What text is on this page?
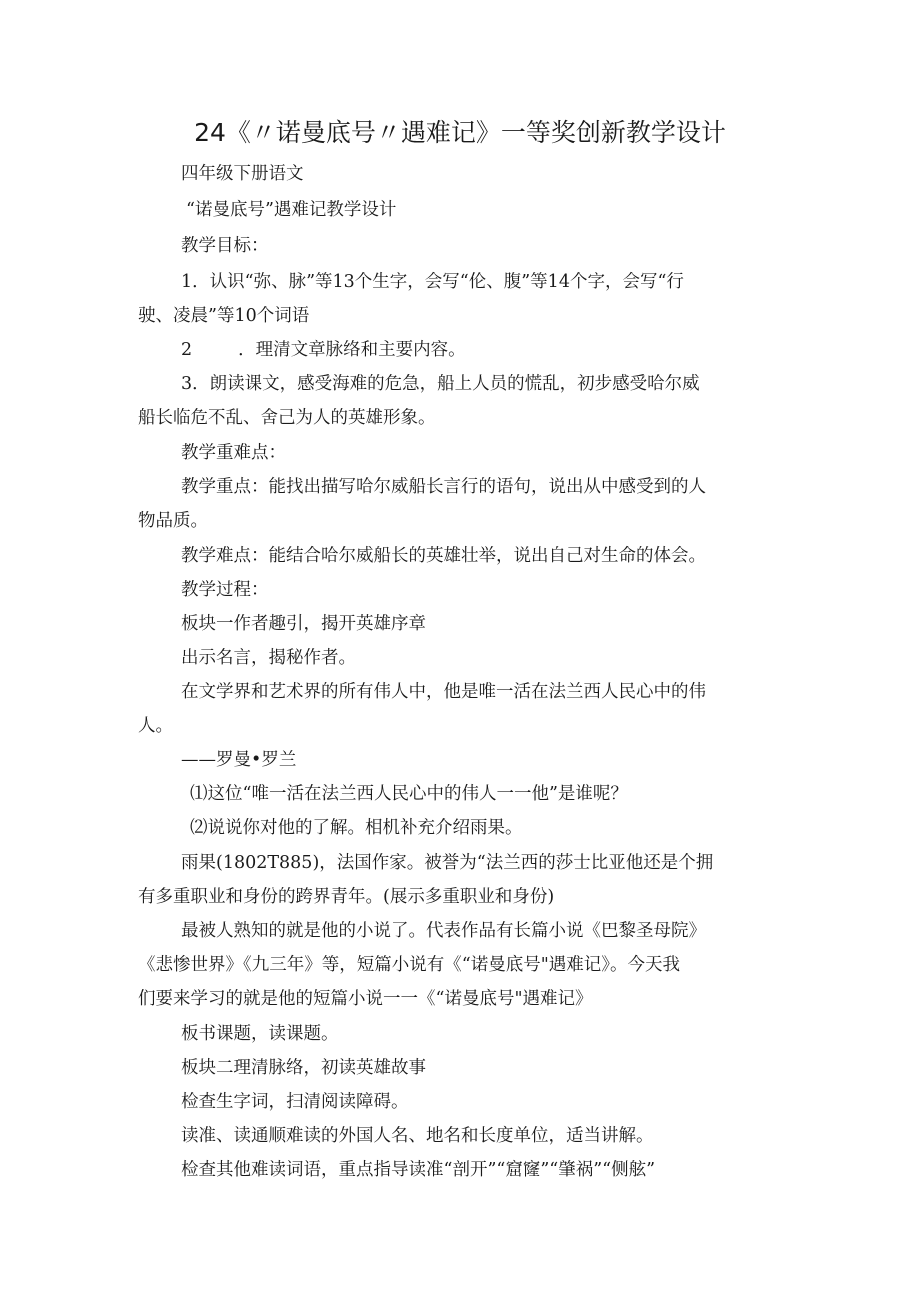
24《〃诺曼底号〃遇难记》一等奖创新教学设计
四年级下册语文
“诺曼底号”遇难记教学设计
教学目标：
1．认识“弥、脉”等13个生字，会写“伦、腹”等14个字，会写“行
驶、凌晨”等10个词语
2	．理清文章脉络和主要内容。
3．朗读课文，感受海难的危急，船上人员的慌乱，初步感受哈尔威
船长临危不乱、舍己为人的英雄形象。
教学重难点：
教学重点：能找出描写哈尔威船长言行的语句，说出从中感受到的人
物品质。
教学难点：能结合哈尔威船长的英雄壮举，说出自己对生命的体会。
教学过程：
板块一作者趣引，揭开英雄序章
出示名言，揭秘作者。
在文学界和艺术界的所有伟人中，他是唯一活在法兰西人民心中的伟
人。
——罗曼•罗兰
⑴这位“唯一活在法兰西人民心中的伟人一一他”是谁呢？
⑵说说你对他的了解。相机补充介绍雨果。
雨果(1802T885)，法国作家。被誉为“法兰西的莎士比亚他还是个拥
有多重职业和身份的跨界青年。(展示多重职业和身份)
最被人熟知的就是他的小说了。代表作品有长篇小说《巴黎圣母院》
《悲惨世界》《九三年》等，短篇小说有《“诺曼底号"遇难记》。今天我
们要来学习的就是他的短篇小说一一《“诺曼底号"遇难记》
板书课题，读课题。
板块二理清脉络，初读英雄故事
检查生字词，扫清阅读障碍。
读准、读通顺难读的外国人名、地名和长度单位，适当讲解。
检查其他难读词语，重点指导读准“剖开”“窟窿”“肇祸”“侧舷”
